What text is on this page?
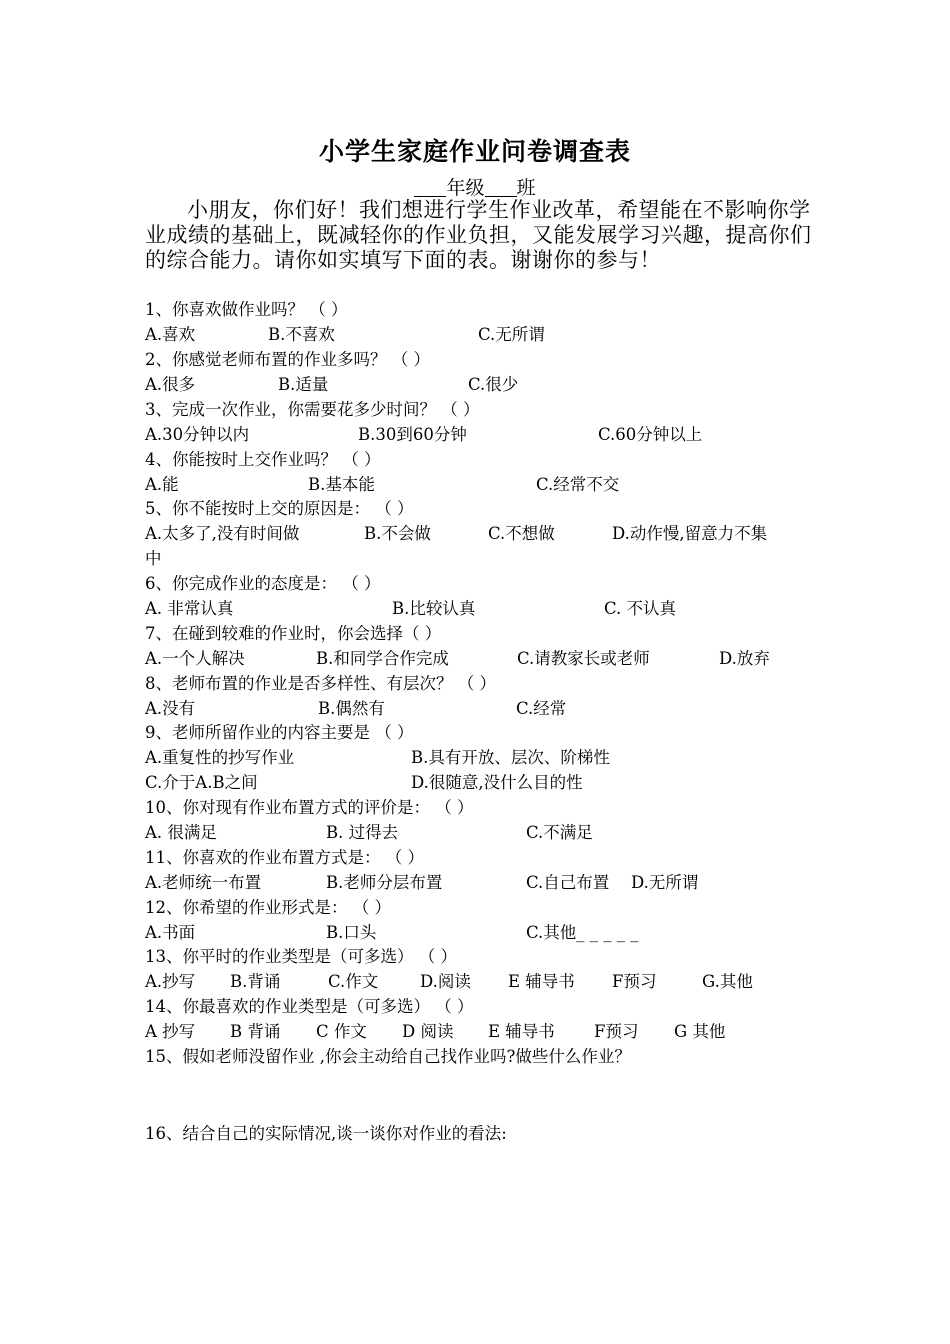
小学生家庭作业问卷调查表
年级 班
小朋友，你们好！我们想进行学生作业改革，希望能在不影响你学业成绩的基础上，既减轻你的作业负担，又能发展学习兴趣，提高你们的综合能力。请你如实填写下面的表。谢谢你的参与！
1、你喜欢做作业吗？ （ ）
A.喜欢	B.不喜欢	C.无所谓
2、你感觉老师布置的作业多吗？ （ ）
A.很多	B.适量	C.很少
3、完成一次作业，你需要花多少时间？ （ ）
A.30分钟以内	B.30到60分钟	C.60分钟以上
4、你能按时上交作业吗？ （ ）
A.能	B.基本能	C.经常不交
5、你不能按时上交的原因是： （ ）
A.太多了,没有时间做	B.不会做	C.不想做	D.动作慢,留意力不集
中
6、你完成作业的态度是： （ ）
A. 非常认真	B.比较认真	C. 不认真
7、在碰到较难的作业时，你会选择（ ）
A.一个人解决	B.和同学合作完成	C.请教家长或老师	D.放弃
8、老师布置的作业是否多样性、有层次？ （ ）
A.没有	B.偶然有	C.经常
9、老师所留作业的内容主要是 （ ）
A.重复性的抄写作业	B.具有开放、层次、阶梯性
C.介于A.B之间	D.很随意,没什么目的性
10、你对现有作业布置方式的评价是： （ ）
A. 很满足	B. 过得去	C.不满足
11、你喜欢的作业布置方式是： （ ）
A.老师统一布置	B.老师分层布置	C.自己布置 D.无所谓
12、你希望的作业形式是： （ ）
A.书面	B.口头	C.其他_ _ _ _ _
13、你平时的作业类型是（可多选） （ ）
A.抄写 B.背诵	C.作文	D.阅读 E 辅导书 F预习	G.其他
14、你最喜欢的作业类型是（可多选） （ ）
A 抄写 B 背诵 C 作文 D 阅读 E 辅导书 F预习 G 其他
15、假如老师没留作业 ,你会主动给自己找作业吗?做些什么作业？
16、结合自己的实际情况,谈一谈你对作业的看法:
